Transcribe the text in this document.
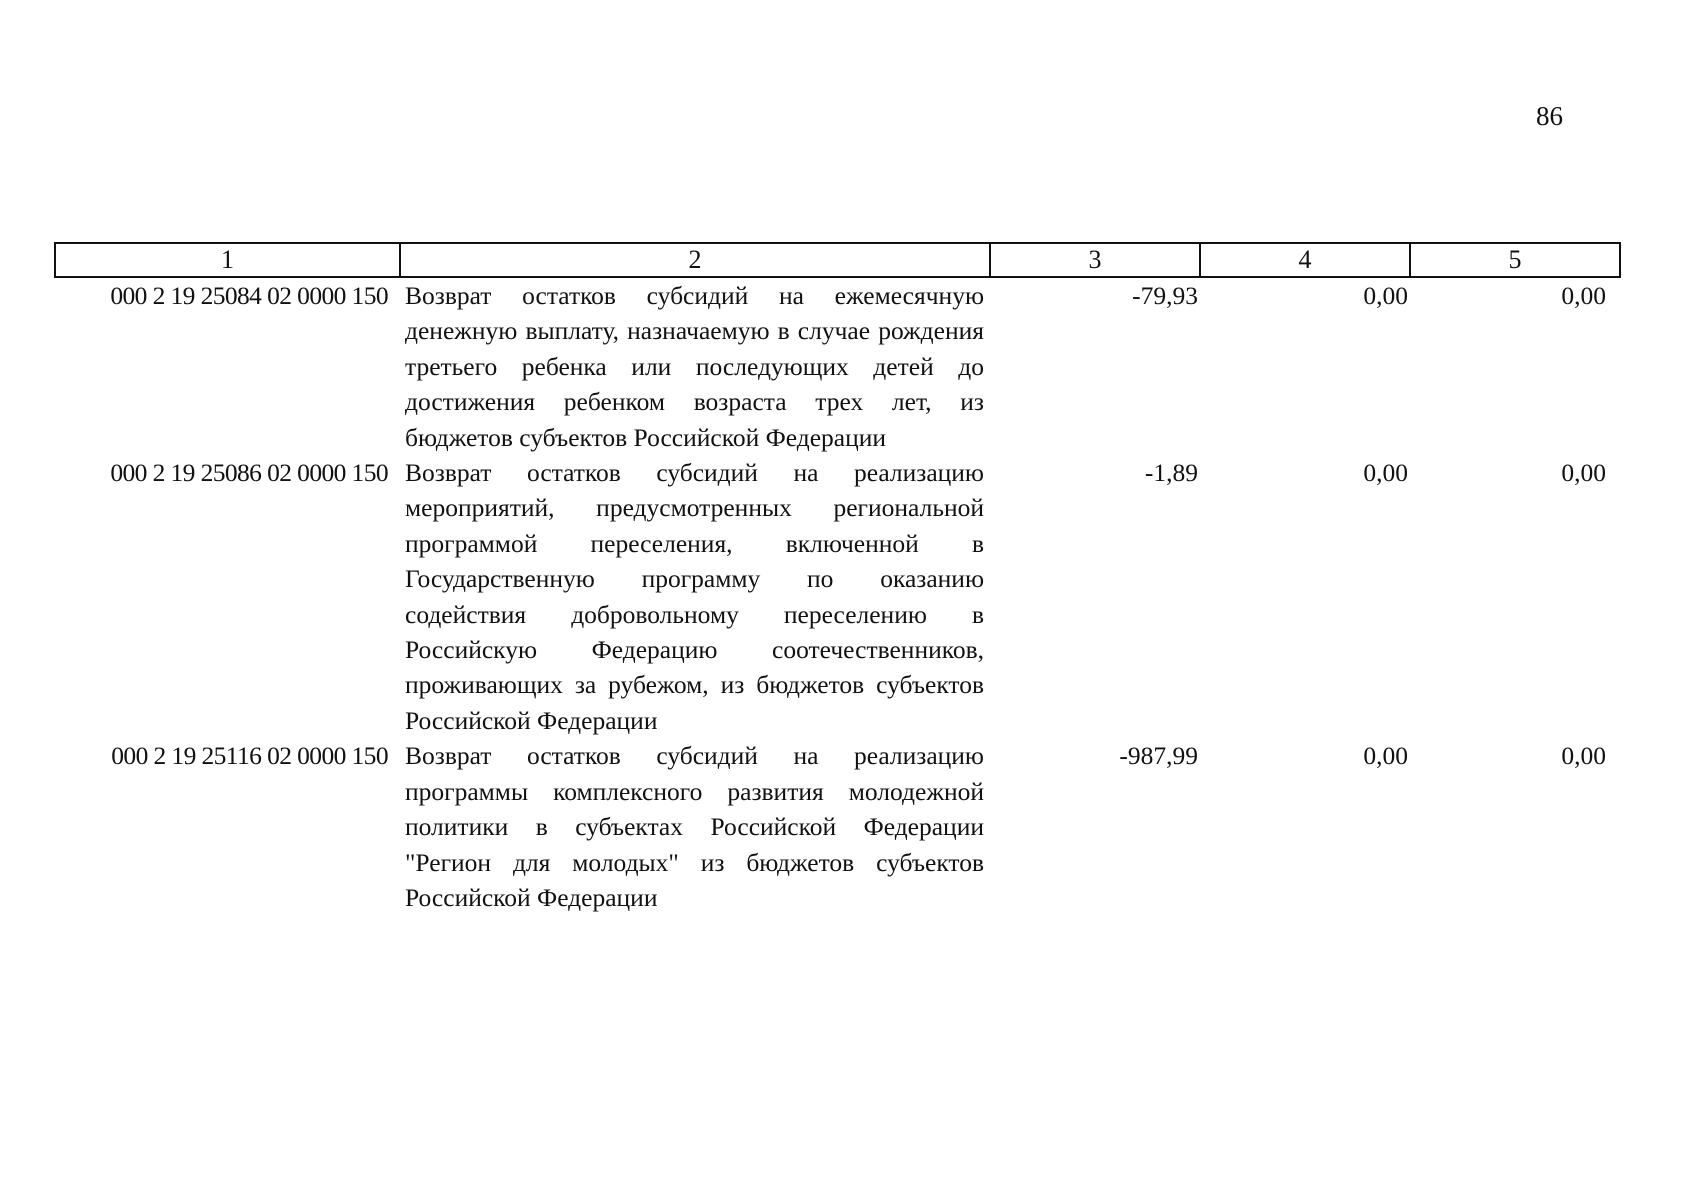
86
1	2	3	4	5
000 2 19 25084 02 0000 150	Возврат остатков субсидий на ежемесячную денежную выплату, назначаемую в случае рождения третьего ребенка или последующих детей до достижения ребенком возраста трех лет, из бюджетов субъектов Российской Федерации	-79,93	0,00	0,00
000 2 19 25086 02 0000 150	Возврат остатков субсидий на реализацию мероприятий, предусмотренных региональной программой переселения, включенной в Государственную программу по оказанию содействия добровольному переселению в Российскую Федерацию соотечественников, проживающих за рубежом, из бюджетов субъектов Российской Федерации	-1,89	0,00	0,00
000 2 19 25116 02 0000 150	Возврат остатков субсидий на реализацию программы комплексного развития молодежной политики в субъектах Российской Федерации "Регион для молодых" из бюджетов субъектов Российской Федерации	-987,99	0,00	0,00
